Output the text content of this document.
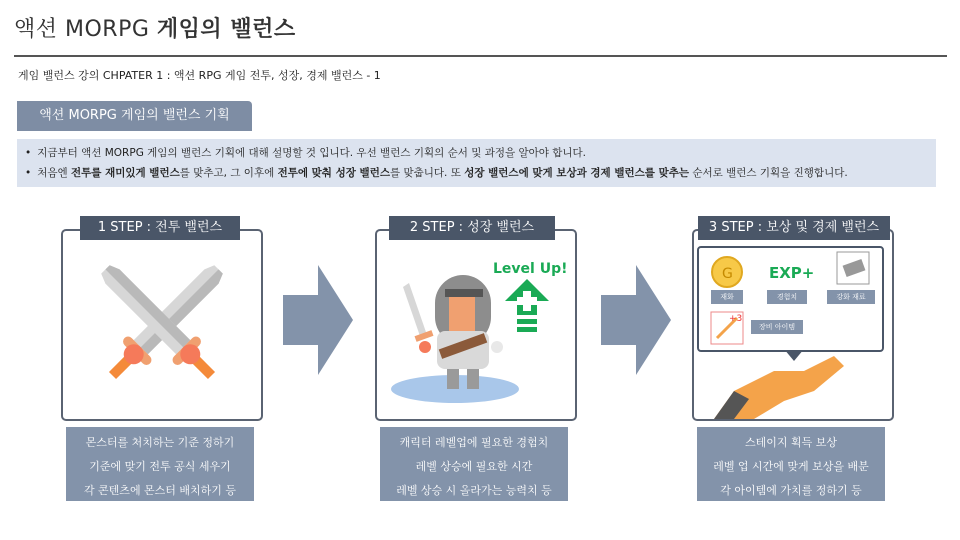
액션 MORPG 게임의 밸런스
게임 밸런스 강의 CHPATER 1 : 액션 RPG 게임 전투, 성장, 경제 밸런스 - 1
액션 MORPG 게임의 밸런스 기획
• 지금부터 액션 MORPG 게임의 밸런스 기획에 대해 설명할 것 입니다. 우선 밸런스 기획의 순서 및 과정을 알아야 합니다.
• 처음엔 전투를 재미있게 밸런스를 맞추고, 그 이후에 전투에 맞춰 성장 밸런스를 맞춥니다. 또 성장 밸런스에 맞게 보상과 경제 밸런스를 맞추는 순서로 밸런스 기획을 진행합니다.
1 STEP : 전투 밸런스
몬스터를 처치하는 기준 정하기
기준에 맞기 전투 공식 세우기
각 콘텐츠에 몬스터 배치하기 등
Level Up!
2 STEP : 성장 밸런스
캐릭터 레벨업에 필요한 경험치
레벨 상승에 필요한 시간
레벨 상승 시 올라가는 능력치 등
G EXP+
+3
재화	경험치	강화 재료
장비 아이템
3 STEP : 보상 및 경제 밸런스
스테이지 획득 보상
레벨 업 시간에 맞게 보상을 배분
각 아이템에 가치를 정하기 등
